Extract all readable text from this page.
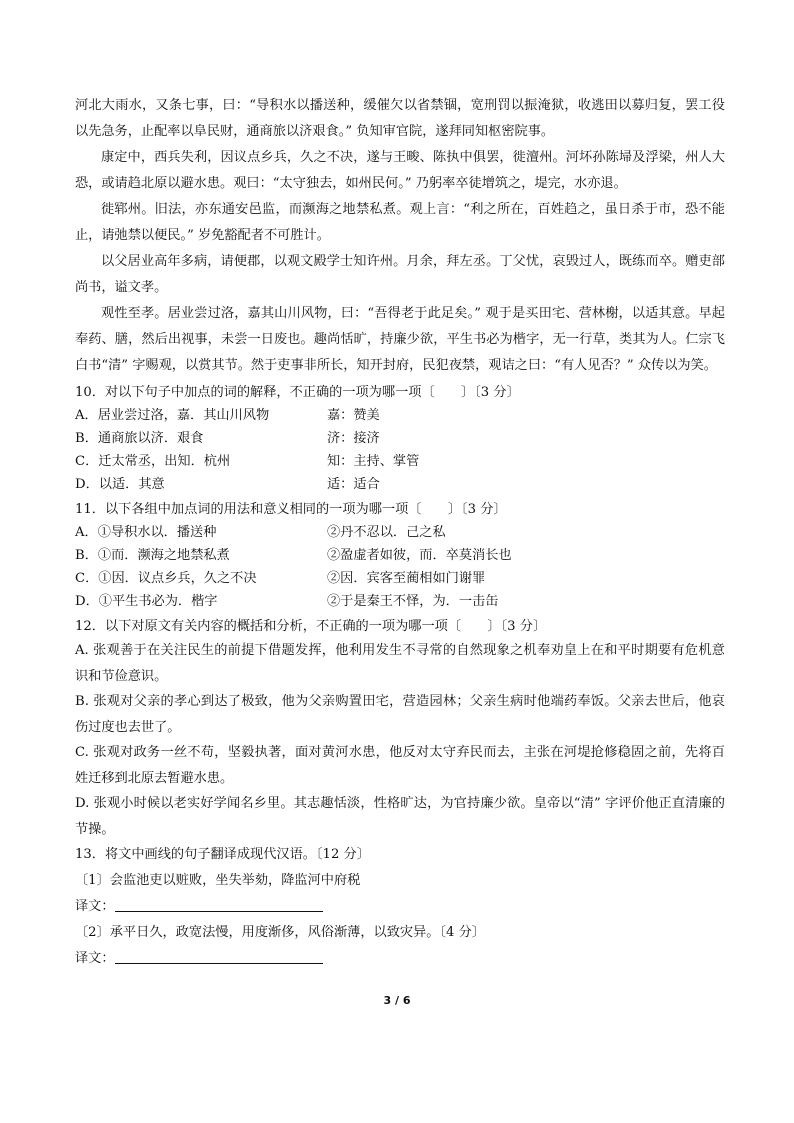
河北大雨水，又条七事，曰：“导积水以播送种，缓催欠以省禁锢，宽刑罚以振淹狱，收逃田以募归复，罢工役以先急务，止配率以阜民财，通商旅以济艰食。” 负知审官院，遂拜同知枢密院事。

康定中，西兵失利，因议点乡兵，久之不决，遂与王畯、陈执中俱罢，徙澶州。河坏孙陈埽及浮梁，州人大恐，或请趋北原以避水患。观曰：“太守独去，如州民何。” 乃躬率卒徒增筑之，堤完，水亦退。

徙郓州。旧法，亦东通安邑监，而濒海之地禁私煮。观上言：“利之所在，百姓趋之，虽日杀于市，恐不能止，请弛禁以便民。” 岁免豁配者不可胜计。

以父居业高年多病，请便郡，以观文殿学士知许州。月余，拜左丞。丁父忧，哀毁过人，既练而卒。赠吏部尚书，谥文孝。

观性至孝。居业尝过洛，嘉其山川风物，曰：“吾得老于此足矣。” 观于是买田宅、营林榭，以适其意。早起奉药、膳，然后出视事，未尝一日废也。趣尚恬旷，持廉少欲，平生书必为楷字，无一行草，类其为人。仁宗飞白书“清” 字赐观，以赏其节。然于吏事非所长，知开封府，民犯夜禁，观诘之曰：“有人见否？” 众传以为笑。

10．对以下句子中加点的词的解释，不正确的一项为哪一项〔　　〕〔3 分〕
A．居业尝过洛，嘉．其山川风物	嘉：赞美
B．通商旅以济．艰食	济：接济
C．迁太常丞，出知．杭州	知：主持、掌管
D．以适．其意	适：适合
11．以下各组中加点词的用法和意义相同的一项为哪一项〔　　〕〔3 分〕
A．①导积水以．播送种	②丹不忍以．己之私
B．①而．濒海之地禁私煮	②盈虚者如彼，而．卒莫消长也
C．①因．议点乡兵，久之不决	②因．宾客至蔺相如门谢罪
D．①平生书必为．楷字	②于是秦王不怿，为．一击缶
12．以下对原文有关内容的概括和分析，不正确的一项为哪一项〔　　〕〔3 分〕

A. 张观善于在关注民生的前提下借题发挥，他利用发生不寻常的自然现象之机奉劝皇上在和平时期要有危机意识和节俭意识。

B. 张观对父亲的孝心到达了极致，他为父亲购置田宅，营造园林；父亲生病时他端药奉饭。父亲去世后，他哀伤过度也去世了。

C. 张观对政务一丝不苟，坚毅执著，面对黄河水患，他反对太守弃民而去，主张在河堤抢修稳固之前，先将百姓迁移到北原去暂避水患。

D. 张观小时候以老实好学闻名乡里。其志趣恬淡，性格旷达，为官持廉少欲。皇帝以“清” 字评价他正直清廉的节操。

13．将文中画线的句子翻译成现代汉语。〔12 分〕
〔1〕会监池吏以赃败，坐失举劾，降监河中府税
译文：
〔2〕承平日久，政宽法慢，用度渐侈，风俗渐薄，以致灾异。〔4 分〕
译文：
3 / 6
